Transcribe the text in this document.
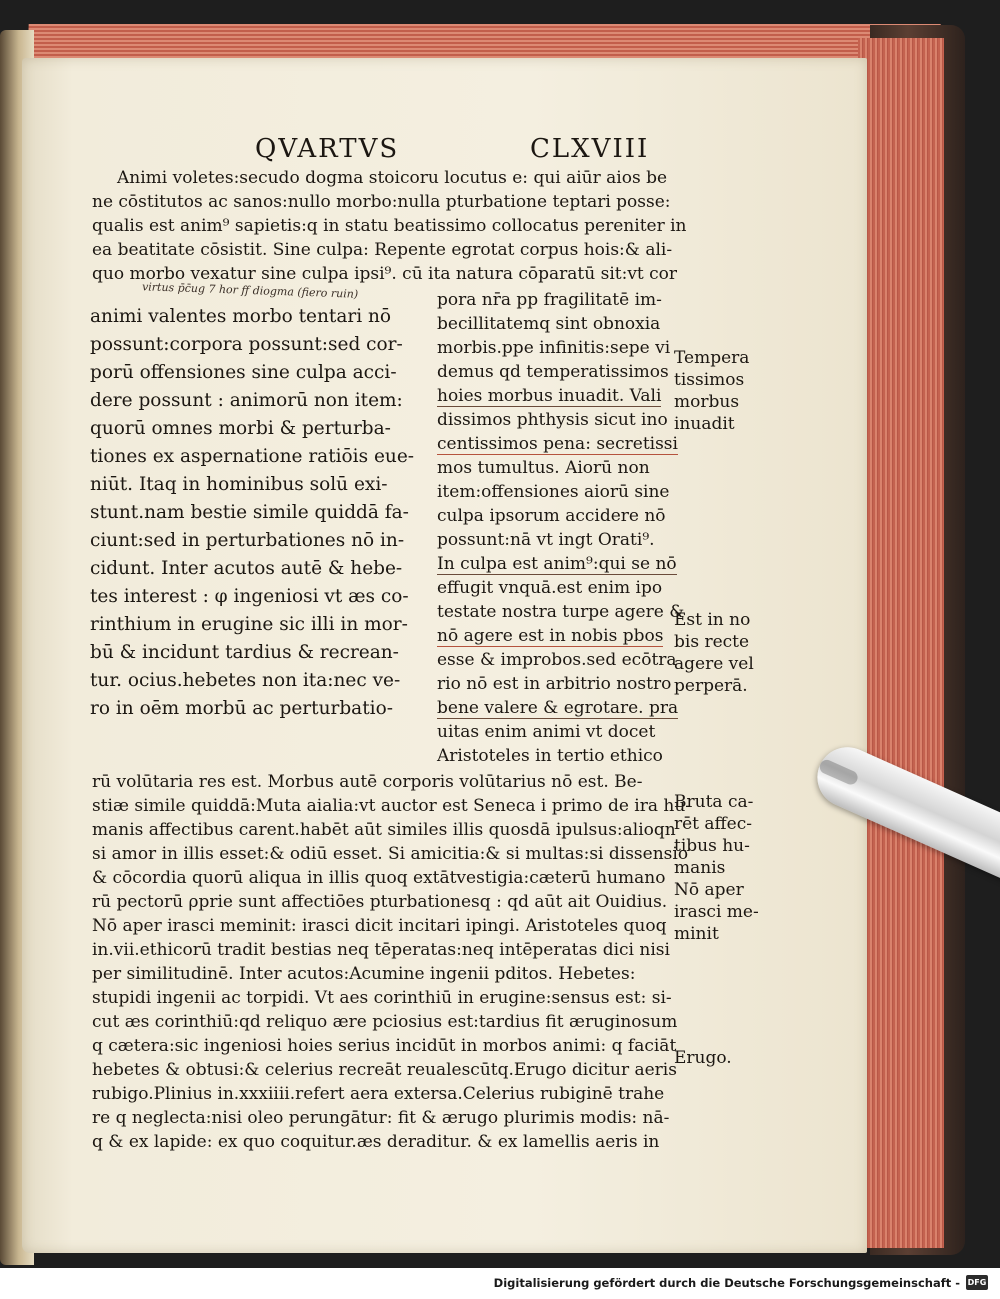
QVARTVS	CLXVIII
Animi voletes:secudo dogma stoicoru locutus e: qui aiūr aios be
ne cōstitutos ac sanos:nullo morbo:nulla pturbatione teptari posse:
qualis est anim⁹ sapietis:q in statu beatissimo collocatus pereniter in
ea beatitate cōsistit. Sine culpa: Repente egrotat corpus hois:& ali-
quo morbo vexatur sine culpa ipsi⁹. cū ita natura cōparatū sit:vt cor
virtus p̄c̄ug 7 hor ff diogma (fiero ruin)
animi valentes morbo tentari nō
possunt:corpora possunt:sed cor-
porū offensiones sine culpa acci-
dere possunt : animorū non item:
quorū omnes morbi & perturba-
tiones ex aspernatione ratiōis eue-
niūt. Itaq in hominibus solū exi-
stunt.nam bestie simile quiddā fa-
ciunt:sed in perturbationes nō in-
cidunt. Inter acutos autē & hebe-
tes interest : φ ingeniosi vt æs co-
rinthium in erugine sic illi in mor-
bū & incidunt tardius & recrean-
tur. ocius.hebetes non ita:nec ve-
ro in oēm morbū ac perturbatio-
pora nr̄a pp fragilitatē im-
becillitatemq sint obnoxia
morbis.ppe infinitis:sepe vi
demus qd temperatissimos
hoies morbus inuadit. Vali
dissimos phthysis sicut ino
centissimos pena: secretissi
mos tumultus. Aiorū non
item:offensiones aiorū sine
culpa ipsorum accidere nō
possunt:nā vt ingt Orati⁹.
In culpa est anim⁹:qui se nō
effugit vnquā.est enim ipo
testate nostra turpe agere &
nō agere est in nobis pbos
esse & improbos.sed ecōtra
rio nō est in arbitrio nostro
bene valere & egrotare. pra
uitas enim animi vt docet
Aristoteles in tertio ethico
rū volūtaria res est. Morbus autē corporis volūtarius nō est. Be-
stiæ simile quiddā:Muta aialia:vt auctor est Seneca i primo de ira hu-
manis affectibus carent.habēt aūt similes illis quosdā ipulsus:alioqn
si amor in illis esset:& odiū esset. Si amicitia:& si multas:si dissensio
& cōcordia quorū aliqua in illis quoq extātvestigia:cæterū humano
rū pectorū ρprie sunt affectiōes pturbationesq : qd aūt ait Ouidius.
Nō aper irasci meminit: irasci dicit incitari ipingi. Aristoteles quoq
in.vii.ethicorū tradit bestias neq tēperatas:neq intēperatas dici nisi
per similitudinē. Inter acutos:Acumine ingenii pditos. Hebetes:
stupidi ingenii ac torpidi. Vt aes corinthiū in erugine:sensus est: si-
cut æs corinthiū:qd reliquo ære pciosius est:tardius fit æruginosum
q cætera:sic ingeniosi hoies serius incidūt in morbos animi: q faciāt
hebetes & obtusi:& celerius recreāt reualescūtq.Erugo dicitur aeris
rubigo.Plinius in.xxxiiii.refert aera extersa.Celerius rubiginē trahe
re q neglecta:nisi oleo perungātur: fit & ærugo plurimis modis: nā-
q & ex lapide: ex quo coquitur.æs deraditur. & ex lamellis aeris in
Tempera
tissimos
morbus
inuadit
Est in no
bis recte
agere vel
perperā.
Bruta ca-
rēt affec-
tibus hu-
manis
Nō aper
irasci me-
minit
Erugo.
Digitalisierung gefördert durch die Deutsche Forschungsgemeinschaft - DFG
